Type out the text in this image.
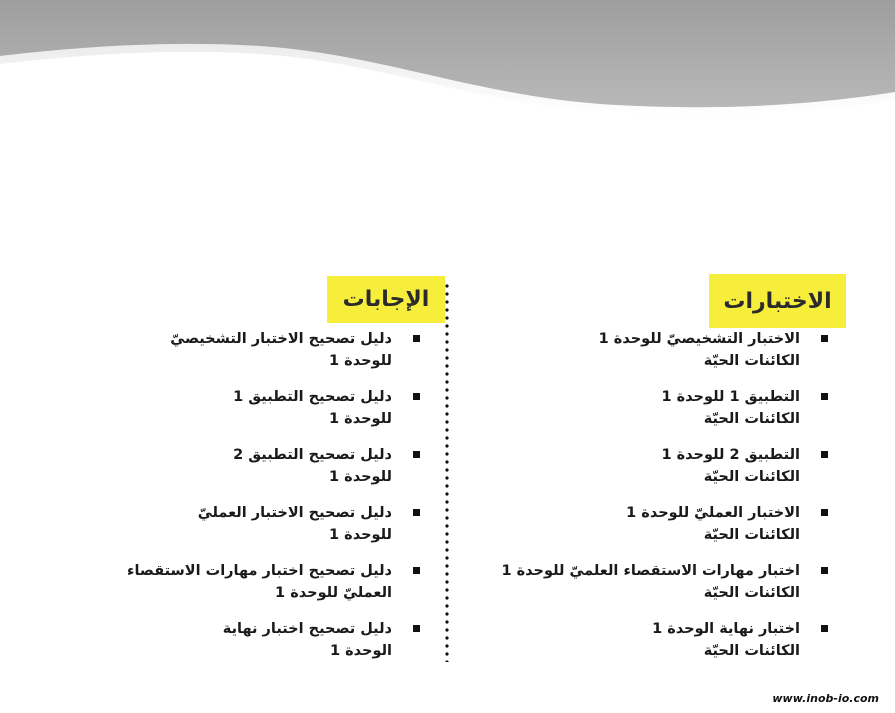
الاختبارات
الإجابات
الاختبار التشخيصيّ للوحدة 1
الكائنات الحيّة
التطبيق 1 للوحدة 1
الكائنات الحيّة
التطبيق 2 للوحدة 1
الكائنات الحيّة
الاختبار العمليّ للوحدة 1
الكائنات الحيّة
اختبار مهارات الاستقصاء العلميّ للوحدة 1
الكائنات الحيّة
اختبار نهاية الوحدة 1
الكائنات الحيّة
دليل تصحيح الاختبار التشخيصيّ
للوحدة 1
دليل تصحيح التطبيق 1
للوحدة 1
دليل تصحيح التطبيق 2
للوحدة 1
دليل تصحيح الاختبار العمليّ
للوحدة 1
دليل تصحيح اختبار مهارات الاستقصاء
العمليّ للوحدة 1
دليل تصحيح اختبار نهاية
الوحدة 1
www.inob-io.com
